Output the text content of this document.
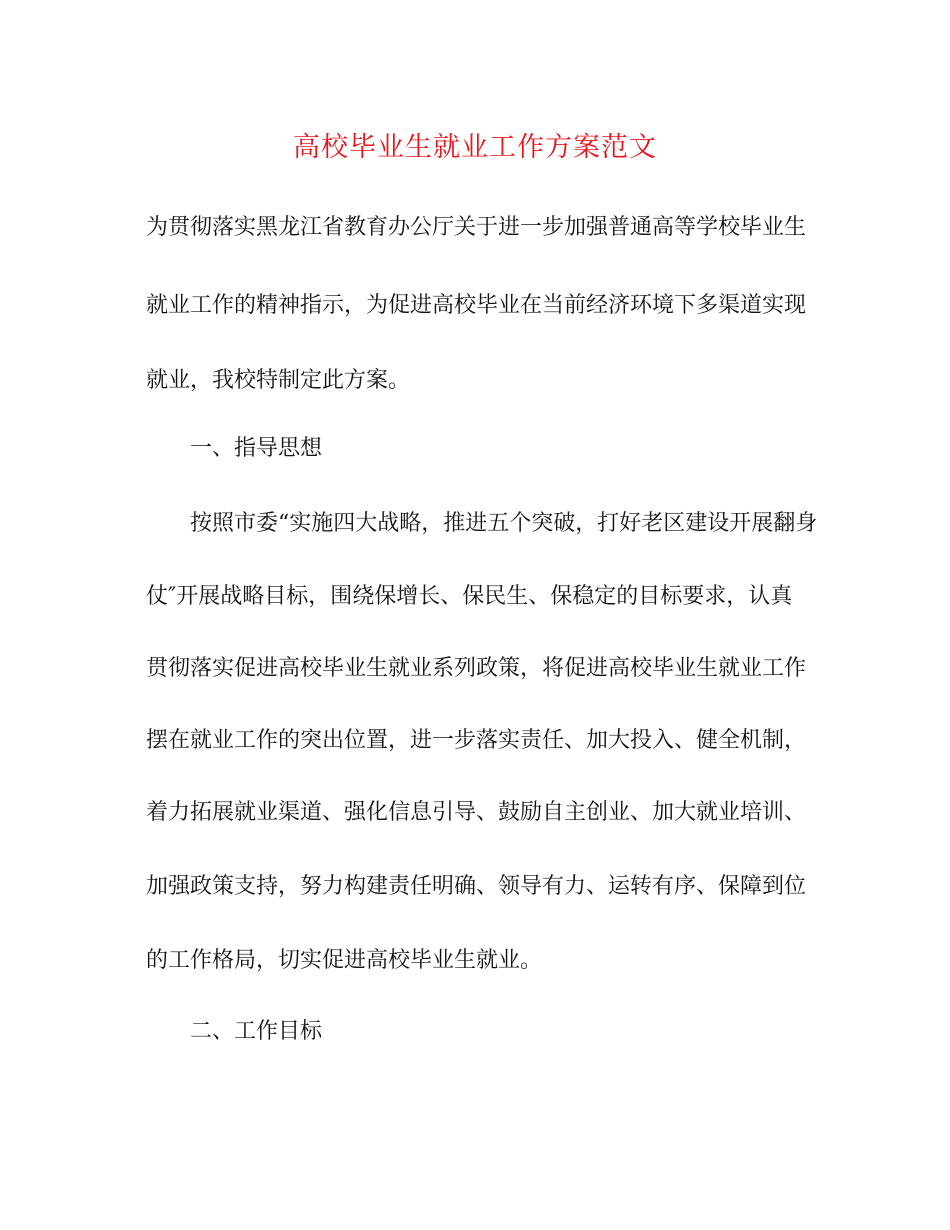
高校毕业生就业工作方案范文
为贯彻落实黑龙江省教育办公厅关于进一步加强普通高等学校毕业生
就业工作的精神指示，为促进高校毕业在当前经济环境下多渠道实现
就业，我校特制定此方案。
一、指导思想
按照市委“实施四大战略，推进五个突破，打好老区建设开展翻身
仗″开展战略目标，围绕保增长、保民生、保稳定的目标要求，认真
贯彻落实促进高校毕业生就业系列政策，将促进高校毕业生就业工作
摆在就业工作的突出位置，进一步落实责任、加大投入、健全机制，
着力拓展就业渠道、强化信息引导、鼓励自主创业、加大就业培训、
加强政策支持，努力构建责任明确、领导有力、运转有序、保障到位
的工作格局，切实促进高校毕业生就业。
二、工作目标
